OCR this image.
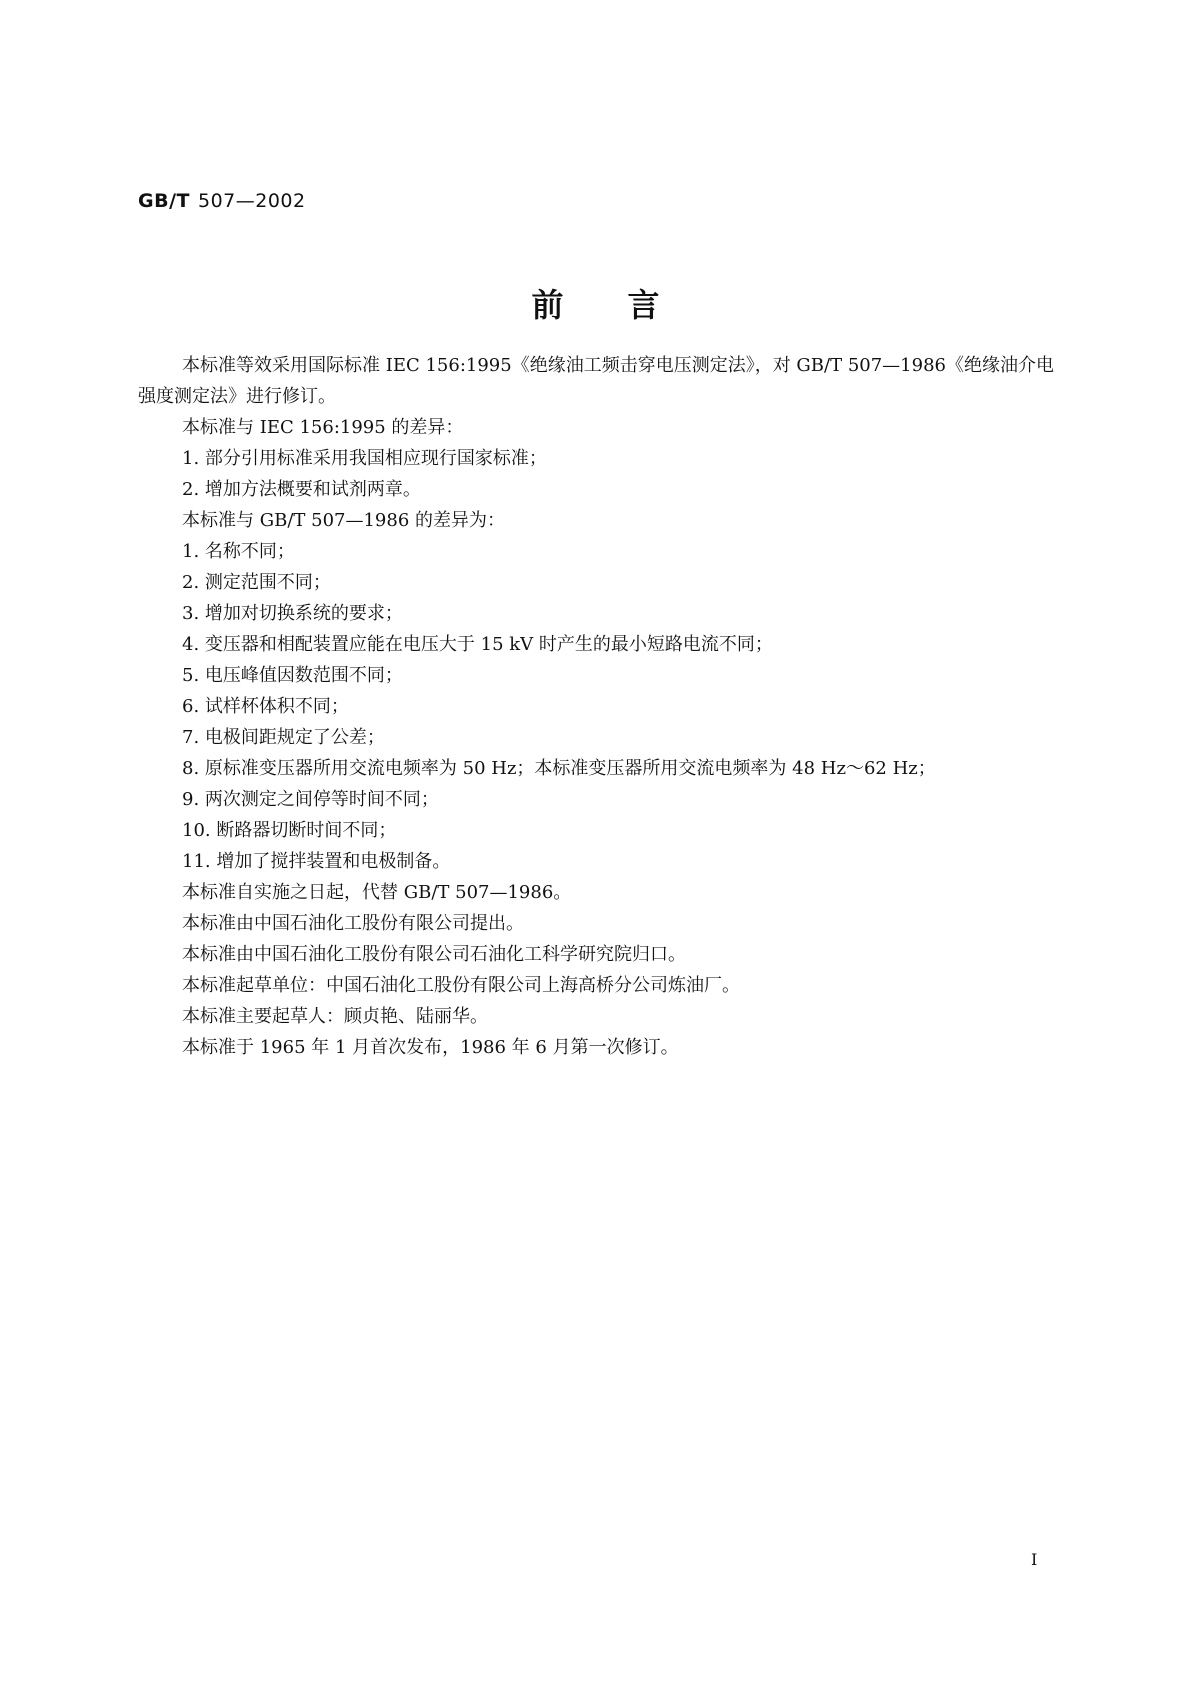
GB/T 507—2002
前言

本标准等效采用国际标准 IEC 156:1995《绝缘油工频击穿电压测定法》，对 GB/T 507—1986《绝缘油介电强度测定法》进行修订。

本标准与 IEC 156:1995 的差异：

1. 部分引用标准采用我国相应现行国家标准；

2. 增加方法概要和试剂两章。

本标准与 GB/T 507—1986 的差异为：

1. 名称不同；

2. 测定范围不同；

3. 增加对切换系统的要求；

4. 变压器和相配装置应能在电压大于 15 kV 时产生的最小短路电流不同；

5. 电压峰值因数范围不同；

6. 试样杯体积不同；

7. 电极间距规定了公差；

8. 原标准变压器所用交流电频率为 50 Hz；本标准变压器所用交流电频率为 48 Hz～62 Hz；

9. 两次测定之间停等时间不同；

10. 断路器切断时间不同；

11. 增加了搅拌装置和电极制备。

本标准自实施之日起，代替 GB/T 507—1986。

本标准由中国石油化工股份有限公司提出。

本标准由中国石油化工股份有限公司石油化工科学研究院归口。

本标准起草单位：中国石油化工股份有限公司上海高桥分公司炼油厂。

本标准主要起草人：顾贞艳、陆丽华。

本标准于 1965 年 1 月首次发布，1986 年 6 月第一次修订。

I
